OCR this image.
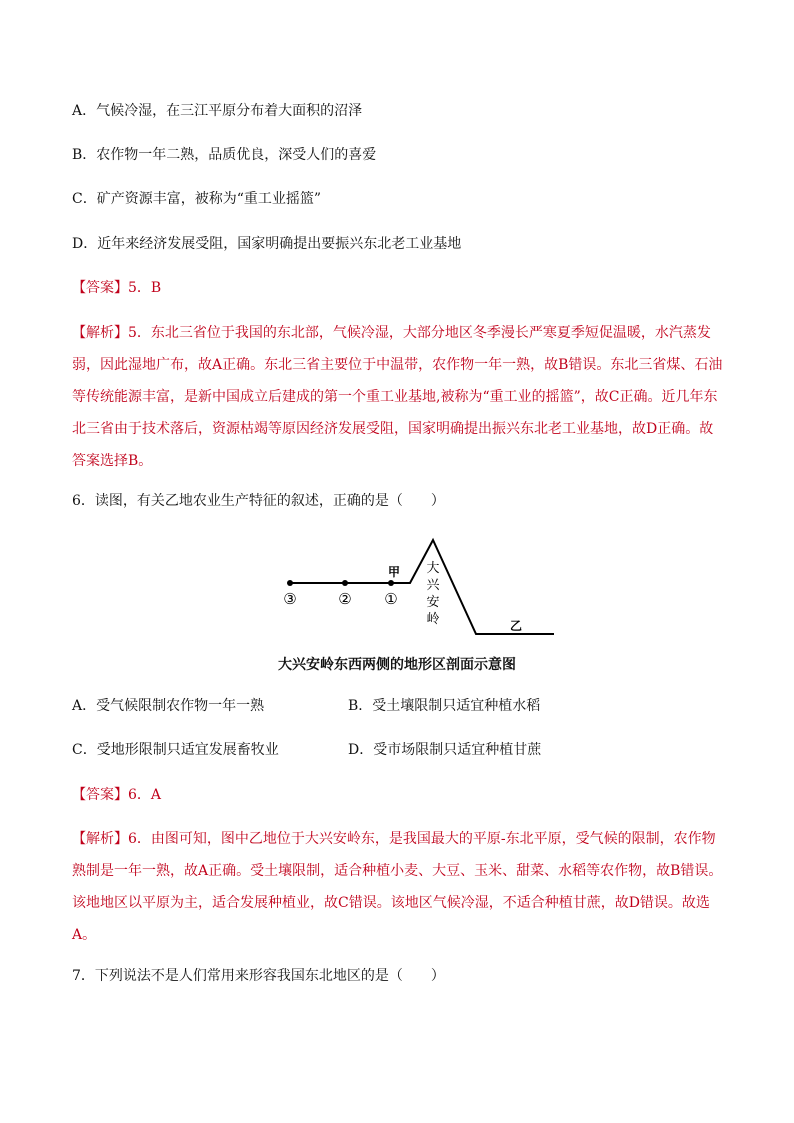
A．气候冷湿，在三江平原分布着大面积的沼泽
B．农作物一年二熟，品质优良，深受人们的喜爱
C．矿产资源丰富，被称为“重工业摇篮”
D．近年来经济发展受阻，国家明确提出要振兴东北老工业基地
【答案】5．B
【解析】5．东北三省位于我国的东北部，气候冷湿，大部分地区冬季漫长严寒夏季短促温暖，水汽蒸发弱，因此湿地广布，故A正确。东北三省主要位于中温带，农作物一年一熟，故B错误。东北三省煤、石油等传统能源丰富，是新中国成立后建成的第一个重工业基地,被称为“重工业的摇篮”，故C正确。近几年东北三省由于技术落后，资源枯竭等原因经济发展受阻，国家明确提出振兴东北老工业基地，故D正确。故答案选择B。
6．读图，有关乙地农业生产特征的叙述，正确的是（　　）
③	② ①
甲 大
兴
安
岭	乙
大兴安岭东西两侧的地形区剖面示意图
A．受气候限制农作物一年一熟	B．受土壤限制只适宜种植水稻
C．受地形限制只适宜发展畜牧业	D．受市场限制只适宜种植甘蔗
【答案】6．A
【解析】6．由图可知，图中乙地位于大兴安岭东，是我国最大的平原-东北平原，受气候的限制，农作物熟制是一年一熟，故A正确。受土壤限制，适合种植小麦、大豆、玉米、甜菜、水稻等农作物，故B错误。该地地区以平原为主，适合发展种植业，故C错误。该地区气候冷湿，不适合种植甘蔗，故D错误。故选A。
7．下列说法不是人们常用来形容我国东北地区的是（　　）
